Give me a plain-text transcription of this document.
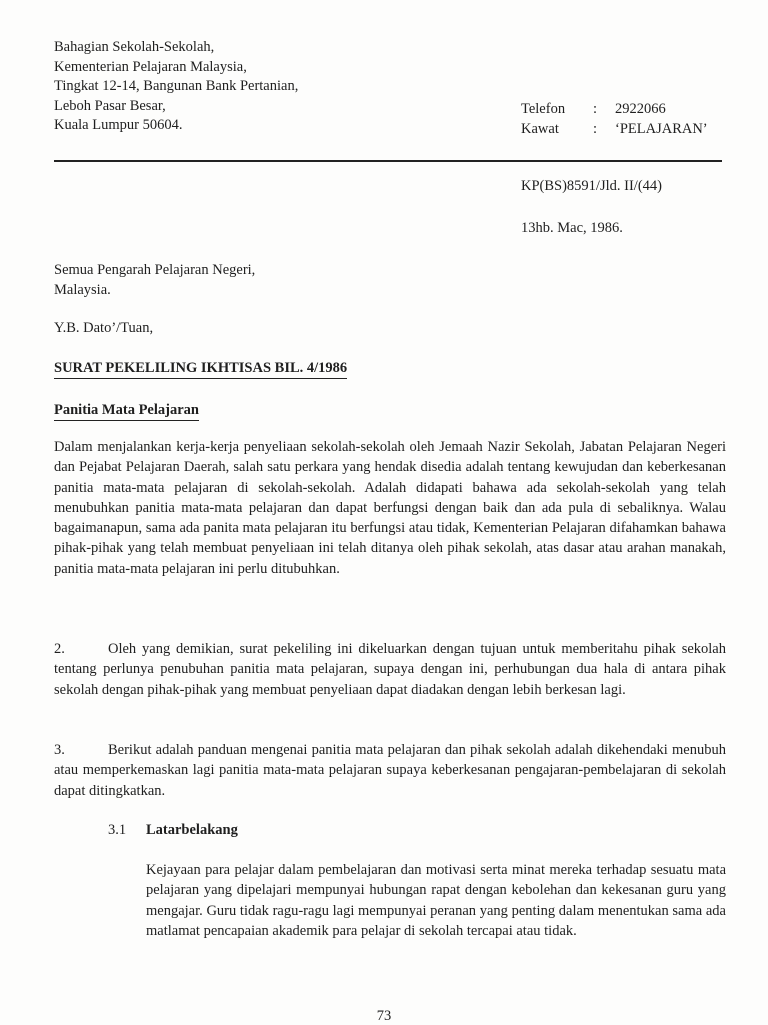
Bahagian Sekolah-Sekolah,
Kementerian Pelajaran Malaysia,
Tingkat 12-14, Bangunan Bank Pertanian,
Leboh Pasar Besar,
Kuala Lumpur 50604.
Telefon	:	2922066
Kawat	:	‘PELAJARAN’
KP(BS)8591/Jld. II/(44)
13hb. Mac, 1986.
Semua Pengarah Pelajaran Negeri,
Malaysia.
Y.B. Dato’/Tuan,
SURAT PEKELILING IKHTISAS BIL. 4/1986
Panitia Mata Pelajaran
Dalam menjalankan kerja-kerja penyeliaan sekolah-sekolah oleh Jemaah Nazir Sekolah, Jabatan Pelajaran Negeri dan Pejabat Pelajaran Daerah, salah satu perkara yang hendak disedia adalah tentang kewujudan dan keberkesanan panitia mata-mata pelajaran di sekolah-sekolah. Adalah didapati bahawa ada sekolah-sekolah yang telah menubuhkan panitia mata-mata pelajaran dan dapat berfungsi dengan baik dan ada pula di sebaliknya. Walau bagaimanapun, sama ada panita mata pelajaran itu berfungsi atau tidak, Kementerian Pelajaran difahamkan bahawa pihak-pihak yang telah membuat penyeliaan ini telah ditanya oleh pihak sekolah, atas dasar atau arahan manakah, panitia mata-mata pelajaran ini perlu ditubuhkan.
2.	Oleh yang demikian, surat pekeliling ini dikeluarkan dengan tujuan untuk memberitahu pihak sekolah tentang perlunya penubuhan panitia mata pelajaran, supaya dengan ini, perhubungan dua hala di antara pihak sekolah dengan pihak-pihak yang membuat penyeliaan dapat diadakan dengan lebih berkesan lagi.
3.	Berikut adalah panduan mengenai panitia mata pelajaran dan pihak sekolah adalah dikehendaki menubuh atau memperkemaskan lagi panitia mata-mata pelajaran supaya keberkesanan pengajaran-pembelajaran di sekolah dapat ditingkatkan.
3.1 Latarbelakang
Kejayaan para pelajar dalam pembelajaran dan motivasi serta minat mereka terhadap sesuatu mata pelajaran yang dipelajari mempunyai hubungan rapat dengan kebolehan dan kekesanan guru yang mengajar. Guru tidak ragu-ragu lagi mempunyai peranan yang penting dalam menentukan sama ada matlamat pencapaian akademik para pelajar di sekolah tercapai atau tidak.
73
